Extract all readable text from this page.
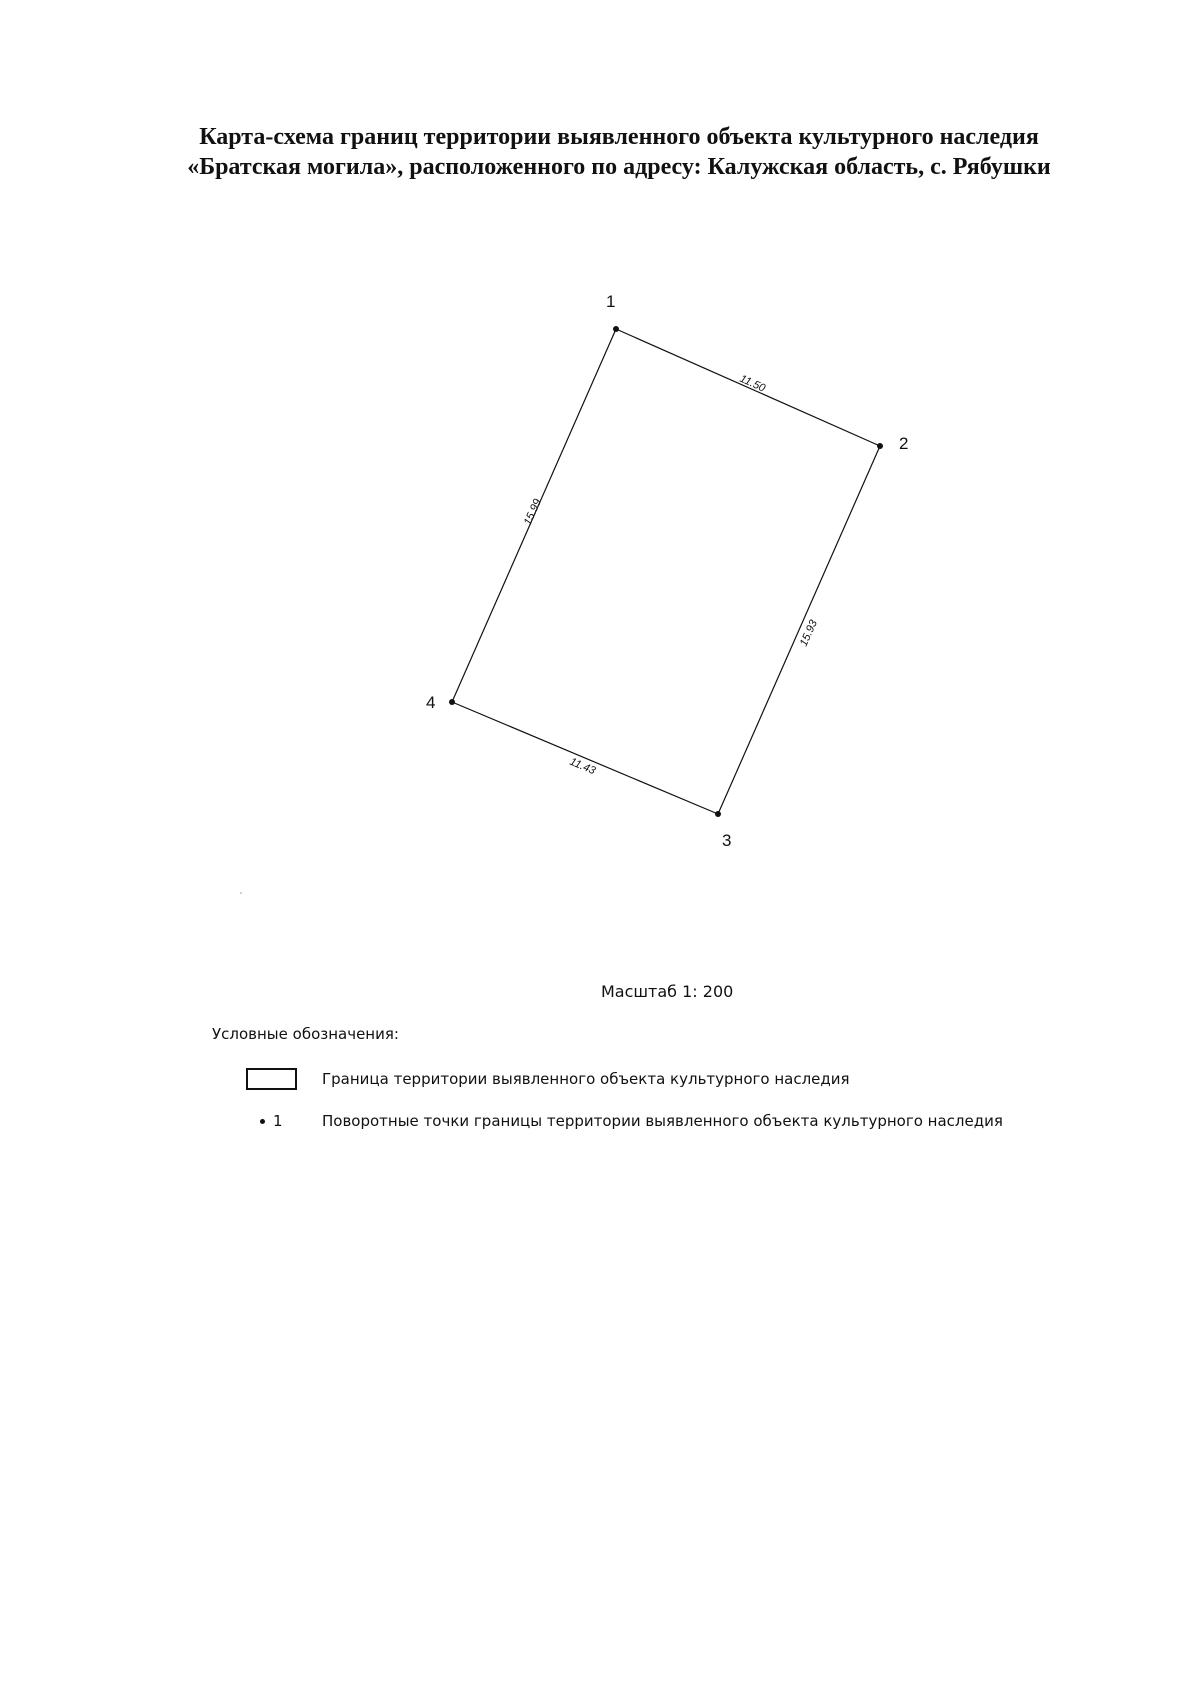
Карта-схема границ территории выявленного объекта культурного наследия
«Братская могила», расположенного по адресу: Калужская область, с. Рябушки
1
2
3
4
11.50
15.93
11.43
15.99
Масштаб 1: 200
Условные обозначения:
Граница территории выявленного объекта культурного наследия
1	Поворотные точки границы территории выявленного объекта культурного наследия
